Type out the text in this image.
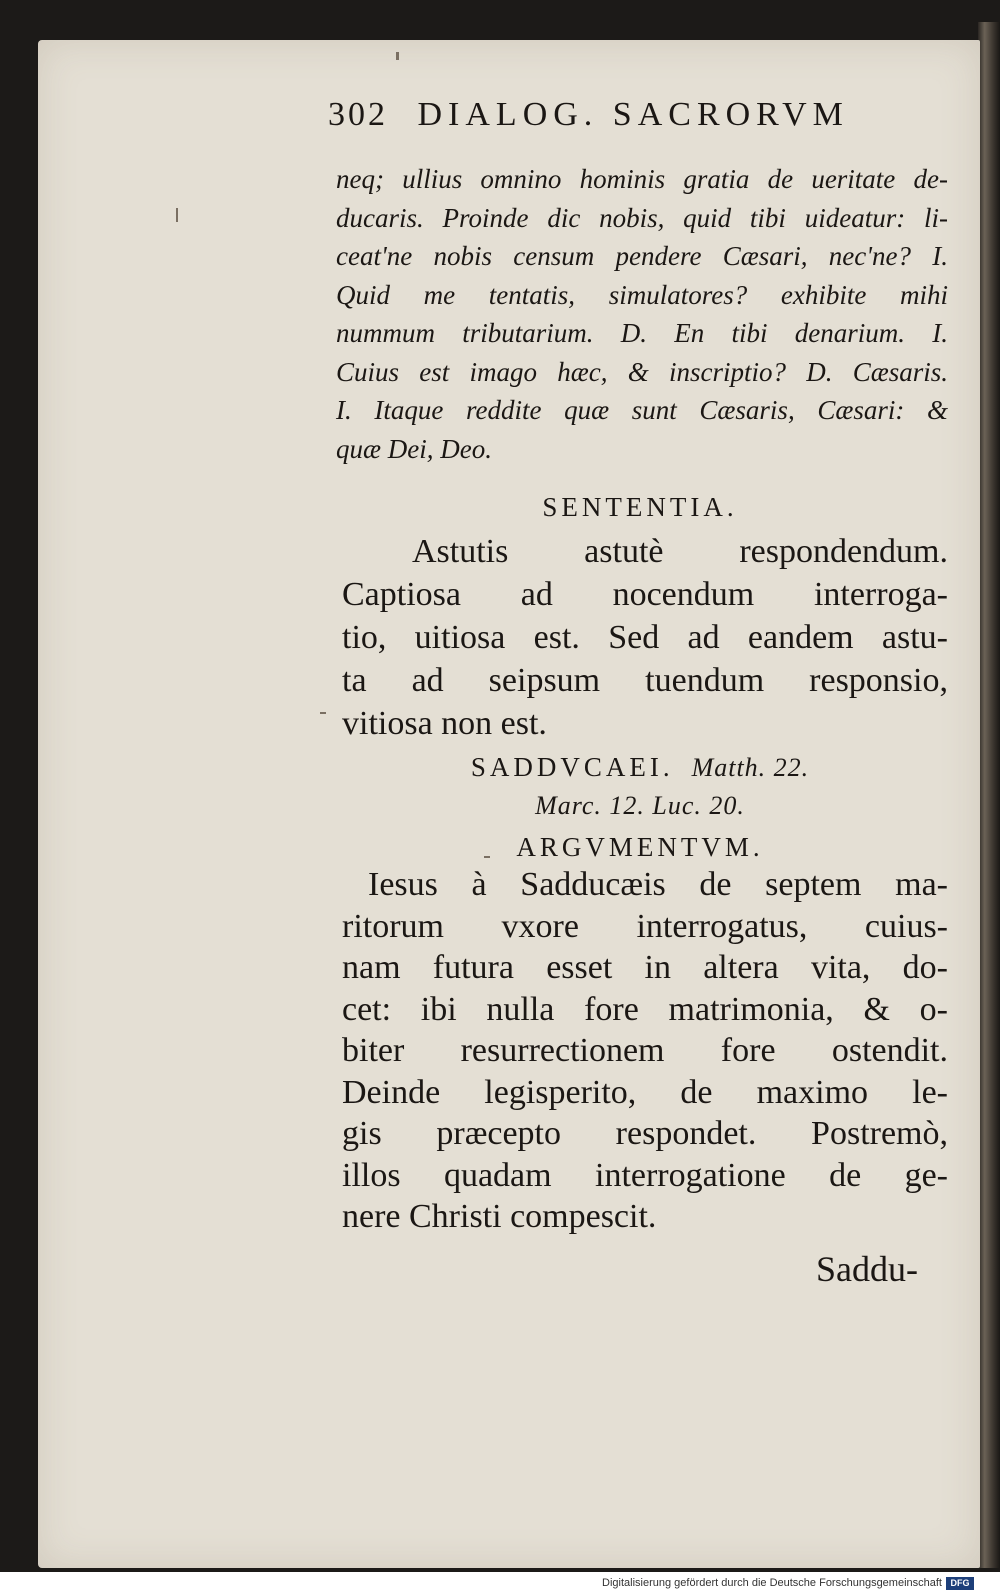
302 DIALOG. SACRORVM
neq; ullius omnino hominis gratia de ueritate de-
ducaris. Proinde dic nobis, quid tibi uideatur: li-
ceat'ne nobis censum pendere Cæsari, nec'ne? I.
Quid me tentatis, simulatores? exhibite mihi
nummum tributarium. D. En tibi denarium. I.
Cuius est imago hæc, & inscriptio? D. Cæsaris.
I. Itaque reddite quæ sunt Cæsaris, Cæsari: &
quæ Dei, Deo.
SENTENTIA.
Astutis astutè respondendum.
Captiosa ad nocendum interroga-
tio, uitiosa est. Sed ad eandem astu-
ta ad seipsum tuendum responsio,
vitiosa non est.
SADDVCAEI. Matth. 22.
Marc. 12. Luc. 20.
ARGVMENTVM.
Iesus à Sadducæis de septem ma-
ritorum vxore interrogatus, cuius-
nam futura esset in altera vita, do-
cet: ibi nulla fore matrimonia, & o-
biter resurrectionem fore ostendit.
Deinde legisperito, de maximo le-
gis præcepto respondet. Postremò,
illos quadam interrogatione de ge-
nere Christi compescit.
Saddu-
Digitalisierung gefördert durch die Deutsche Forschungsgemeinschaft DFG
